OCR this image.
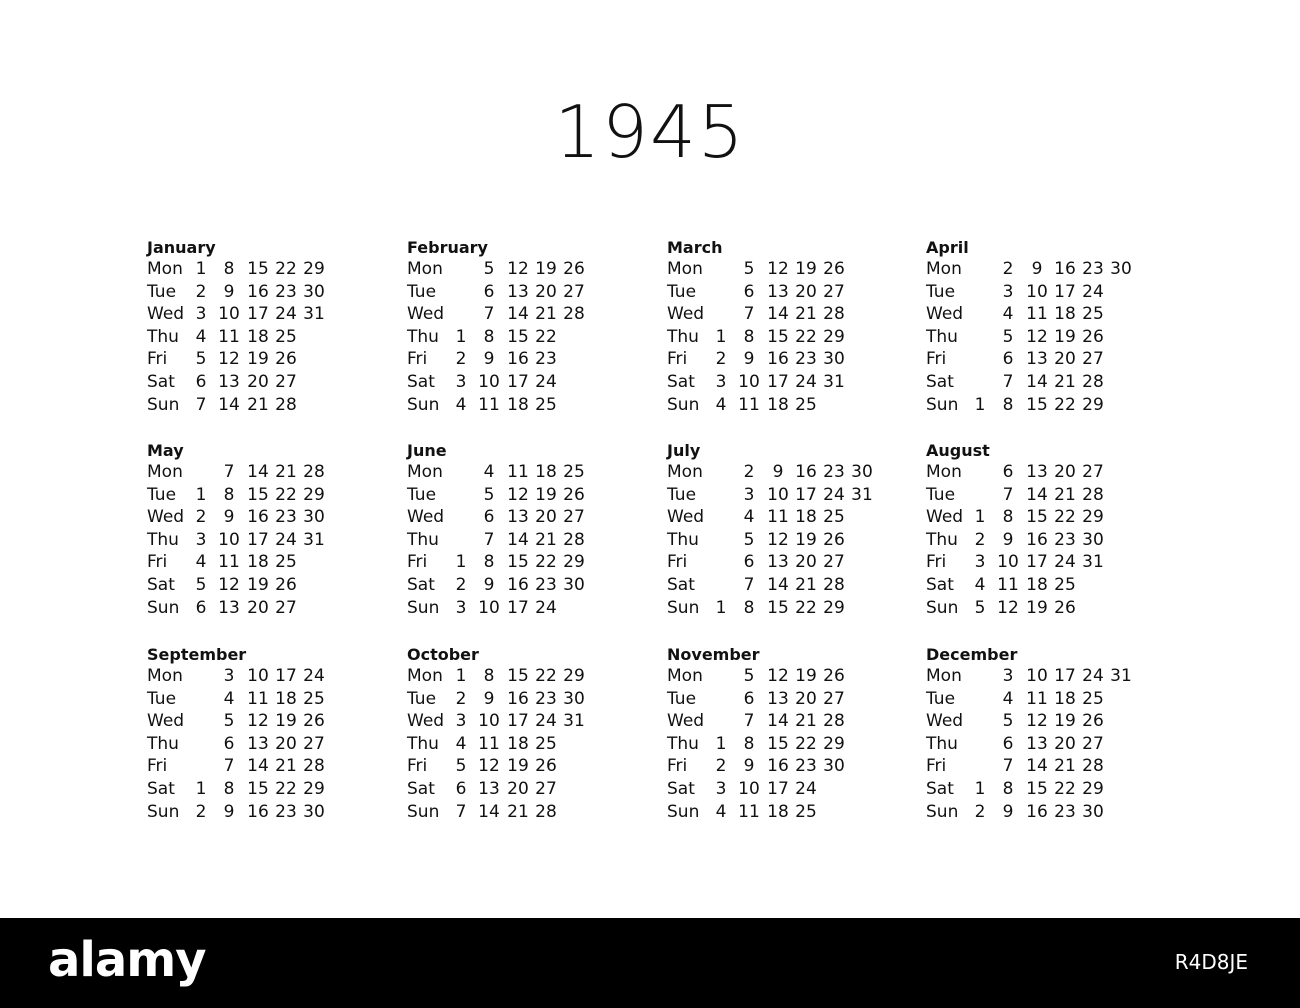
1945
January
Mon 1	8 15 22 29
Tue	2	9 16 23 30
Wed 3 10 17 24 31
Thu 4 11 18 25
Fri	5 12 19 26
Sat	6 13 20 27
Sun 7 14 21 28
February
Mon	5 12 19 26
Tue	6 13 20 27
Wed	7 14 21 28
Thu 1	8 15 22
Fri	2	9 16 23
Sat	3 10 17 24
Sun 4 11 18 25
March
Mon	5 12 19 26
Tue	6 13 20 27
Wed	7 14 21 28
Thu 1	8 15 22 29
Fri	2	9 16 23 30
Sat	3 10 17 24 31
Sun 4 11 18 25
April
Mon	2	9 16 23 30
Tue	3 10 17 24
Wed	4 11 18 25
Thu	5 12 19 26
Fri	6 13 20 27
Sat	7 14 21 28
Sun 1	8 15 22 29
May
Mon	7 14 21 28
Tue	1	8 15 22 29
Wed 2	9 16 23 30
Thu 3 10 17 24 31
Fri	4 11 18 25
Sat	5 12 19 26
Sun 6 13 20 27
June
Mon	4 11 18 25
Tue	5 12 19 26
Wed	6 13 20 27
Thu	7 14 21 28
Fri	1	8 15 22 29
Sat	2	9 16 23 30
Sun 3 10 17 24
July
Mon	2	9 16 23 30
Tue	3 10 17 24 31
Wed	4 11 18 25
Thu	5 12 19 26
Fri	6 13 20 27
Sat	7 14 21 28
Sun 1	8 15 22 29
August
Mon	6 13 20 27
Tue	7 14 21 28
Wed 1	8 15 22 29
Thu 2	9 16 23 30
Fri	3 10 17 24 31
Sat	4 11 18 25
Sun 5 12 19 26
September
Mon	3 10 17 24
Tue	4 11 18 25
Wed	5 12 19 26
Thu	6 13 20 27
Fri	7 14 21 28
Sat	1	8 15 22 29
Sun 2	9 16 23 30
October
Mon 1	8 15 22 29
Tue	2	9 16 23 30
Wed 3 10 17 24 31
Thu 4 11 18 25
Fri	5 12 19 26
Sat	6 13 20 27
Sun 7 14 21 28
November
Mon	5 12 19 26
Tue	6 13 20 27
Wed	7 14 21 28
Thu 1	8 15 22 29
Fri	2	9 16 23 30
Sat	3 10 17 24
Sun 4 11 18 25
December
Mon	3 10 17 24 31
Tue	4 11 18 25
Wed	5 12 19 26
Thu	6 13 20 27
Fri	7 14 21 28
Sat	1	8 15 22 29
Sun 2	9 16 23 30
alamy	R4D8JE
